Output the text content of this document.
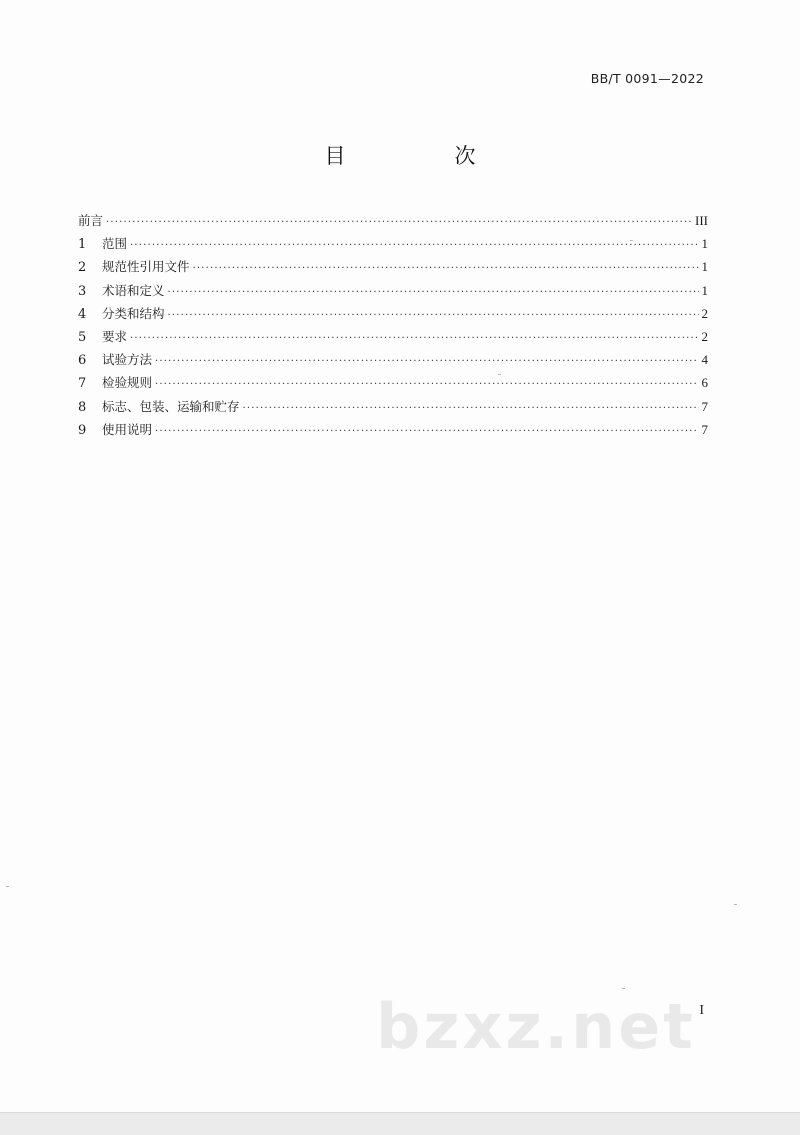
BB/T 0091—2022
目　次
前言 ·····	III
1	范围 ·····	1
2	规范性引用文件 ·····	1
3	术语和定义 ·····	1
4	分类和结构 ·····	2
5	要求 ·····	2
6	试验方法 ·····	4
7	检验规则 ·····	6
8	标志、包装、运输和贮存 ·····	7
9	使用说明 ·····	7
bzxz.net I
